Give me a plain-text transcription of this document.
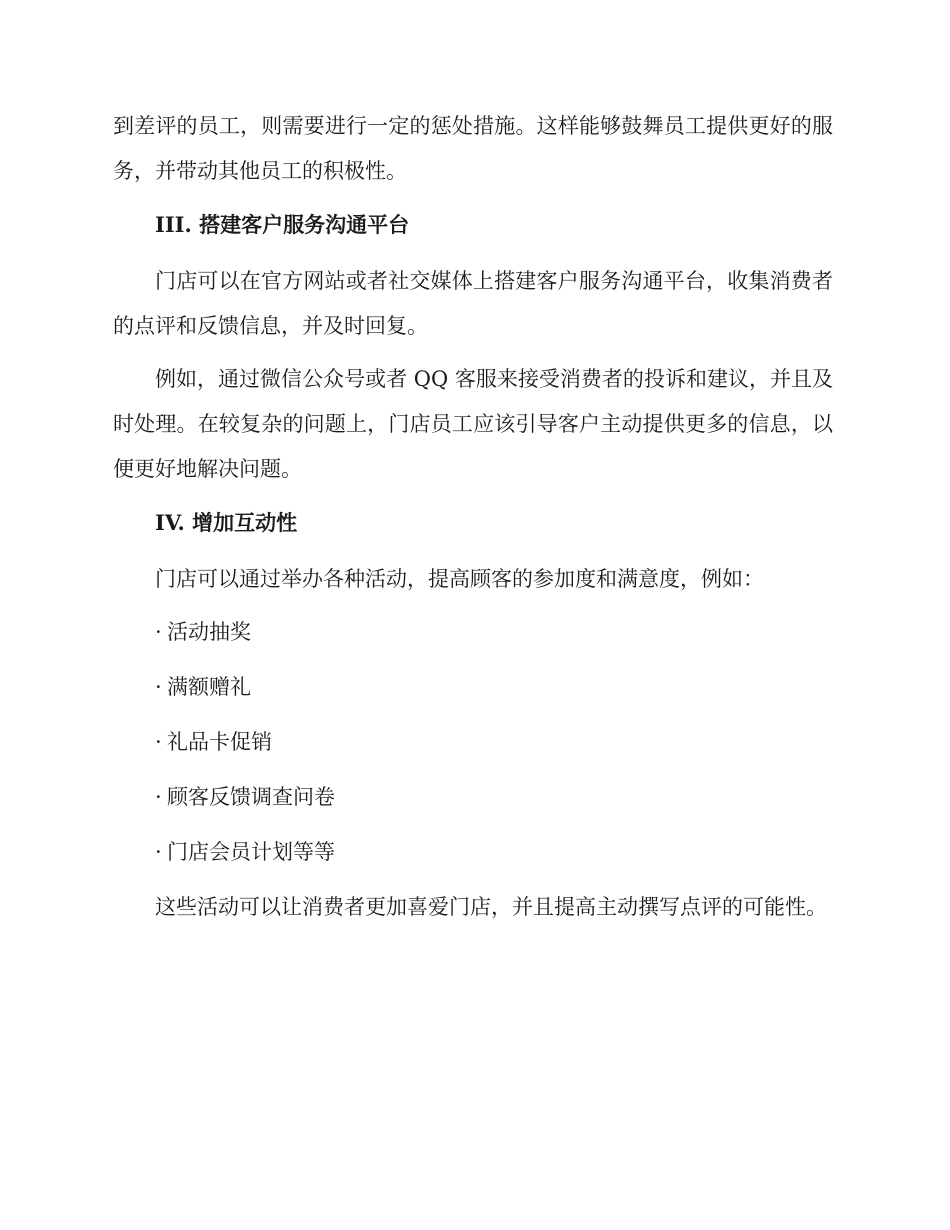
到差评的员工，则需要进行一定的惩处措施。这样能够鼓舞员工提供更好的服务，并带动其他员工的积极性。

III. 搭建客户服务沟通平台

门店可以在官方网站或者社交媒体上搭建客户服务沟通平台，收集消费者的点评和反馈信息，并及时回复。

例如，通过微信公众号或者 QQ 客服来接受消费者的投诉和建议，并且及时处理。在较复杂的问题上，门店员工应该引导客户主动提供更多的信息，以便更好地解决问题。

IV. 增加互动性

门店可以通过举办各种活动，提高顾客的参加度和满意度，例如：

· 活动抽奖
· 满额赠礼
· 礼品卡促销
· 顾客反馈调查问卷
· 门店会员计划等等

这些活动可以让消费者更加喜爱门店，并且提高主动撰写点评的可能性。
